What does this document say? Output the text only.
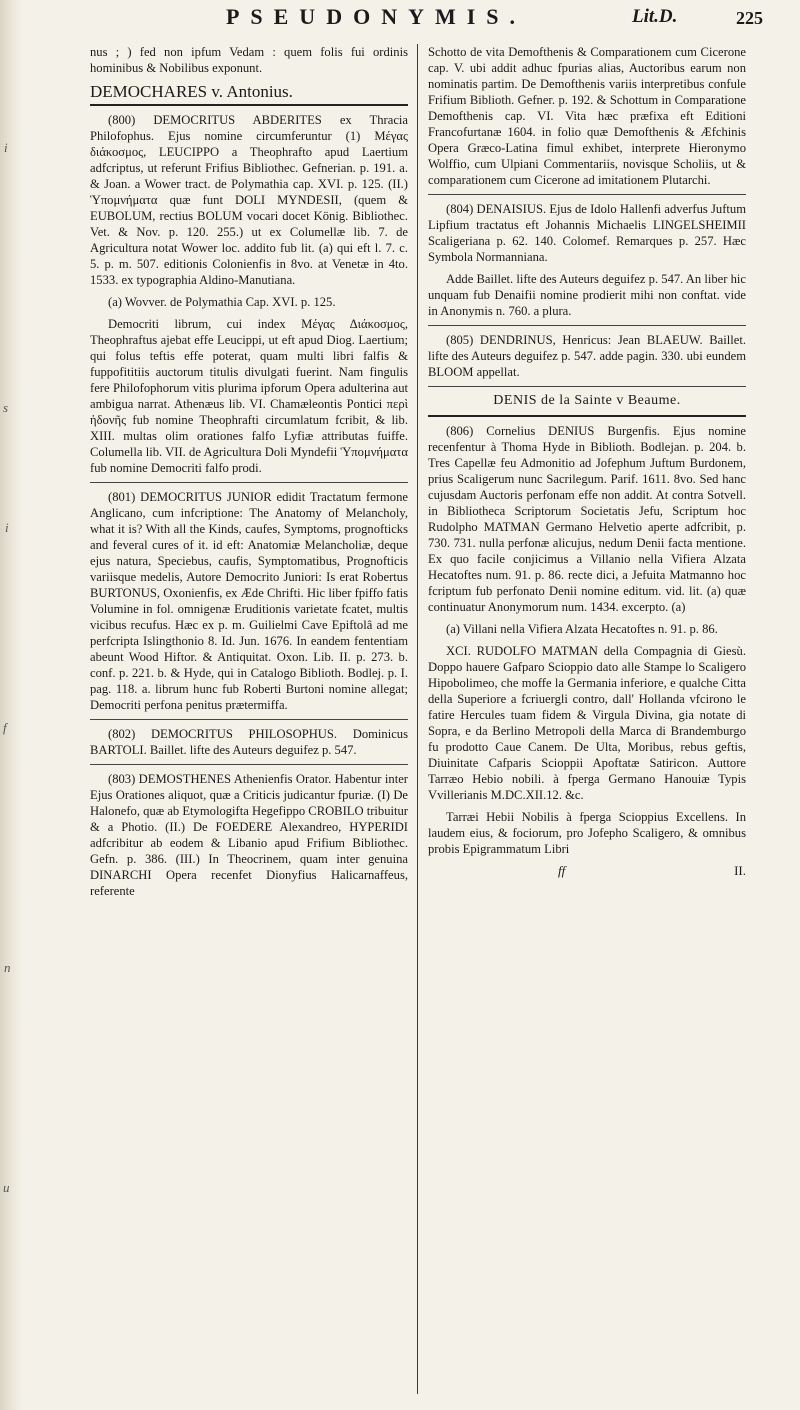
i
s
i
f
n
u
PSEUDONYMIS.	Lit.D.	225
nus ; ) fed non ipfum Vedam : quem folis fui ordinis hominibus & Nobilibus exponunt.
DEMOCHARES v. Antonius.
(800) DEMOCRITUS ABDERITES ex Thracia Philofophus. Ejus nomine circumferuntur (1) Μέγας διάκοσμος, LEUCIPPO a Theophrafto apud Laertium adfcriptus, ut referunt Frifius Bibliothec. Gefnerian. p. 191. a. & Joan. a Wower tract. de Polymathia cap. XVI. p. 125. (II.) Ὑπομνήματα quæ funt DOLI MYNDESII, (quem & EUBOLUM, rectius BOLUM vocari docet König. Bibliothec. Vet. & Nov. p. 120. 255.) ut ex Columellæ lib. 7. de Agricultura notat Wower loc. addito fub lit. (a) qui eft l. 7. c. 5. p. m. 507. editionis Colonienfis in 8vo. at Venetæ in 4to. 1533. ex typographia Aldino-Manutiana.
(a) Wovver. de Polymathia Cap. XVI. p. 125.
Democriti librum, cui index Μέγας Διάκοσμος, Theophraftus ajebat effe Leucippi, ut eft apud Diog. Laertium; qui folus teftis effe poterat, quam multi libri falfis & fuppofititiis auctorum titulis divulgati fuerint. Nam fingulis fere Philofophorum vitis plurima ipforum Opera adulterina aut ambigua narrat. Athenæus lib. VI. Chamæleontis Pontici περὶ ἡδονῆς fub nomine Theophrafti circumlatum fcribit, & lib. XIII. multas olim orationes falfo Lyfiæ attributas fuiffe. Columella lib. VII. de Agricultura Doli Myndefii Ὑπομνήματα fub nomine Democriti falfo prodi.
(801) DEMOCRITUS JUNIOR edidit Tractatum fermone Anglicano, cum infcriptione: The Anatomy of Melancholy, what it is? With all the Kinds, caufes, Symptoms, prognofticks and feveral cures of it. id eft: Anatomiæ Melancholiæ, deque ejus natura, Speciebus, caufis, Symptomatibus, Prognofticis variisque medelis, Autore Democrito Juniori: Is erat Robertus BURTONUS, Oxonienfis, ex Æde Chrifti. Hic liber fpiffo fatis Volumine in fol. omnigenæ Eruditionis varietate fcatet, multis vicibus recufus. Hæc ex p. m. Guilielmi Cave Epiftolâ ad me perfcripta Islingthonio 8. Id. Jun. 1676. In eandem fententiam abeunt Wood Hiftor. & Antiquitat. Oxon. Lib. II. p. 273. b. conf. p. 221. b. & Hyde, qui in Catalogo Biblioth. Bodlej. p. I. pag. 118. a. librum hunc fub Roberti Burtoni nomine allegat; Democriti perfona penitus prætermiffa.
(802) DEMOCRITUS PHILOSOPHUS. Dominicus BARTOLI. Baillet. lifte des Auteurs deguifez p. 547.
(803) DEMOSTHENES Athenienfis Orator. Habentur inter Ejus Orationes aliquot, quæ a Criticis judicantur fpuriæ. (I) De Halonefo, quæ ab Etymologifta Hegefippo CROBILO tribuitur & a Photio. (II.) De FOEDERE Alexandreo, HYPERIDI adfcribitur ab eodem & Libanio apud Frifium Bibliothec. Gefn. p. 386. (III.) In Theocrinem, quam inter genuina DINARCHI Opera recenfet Dionyfius Halicarnaffeus, referente
Schotto de vita Demofthenis & Comparationem cum Cicerone cap. V. ubi addit adhuc fpurias alias, Auctoribus earum non nominatis partim. De Demofthenis variis interpretibus confule Frifium Biblioth. Gefner. p. 192. & Schottum in Comparatione Demofthenis cap. VI. Vita hæc præfixa eft Editioni Francofurtanæ 1604. in folio quæ Demofthenis & Æfchinis Opera Græco-Latina fimul exhibet, interprete Hieronymo Wolffio, cum Ulpiani Commentariis, novisque Scholiis, ut & comparationem cum Cicerone ad imitationem Plutarchi.
(804) DENAISIUS. Ejus de Idolo Hallenfi adverfus Juftum Lipfium tractatus eft Johannis Michaelis LINGELSHEIMII Scaligeriana p. 62. 140. Colomef. Remarques p. 257. Hæc Symbola Normanniana.
Adde Baillet. lifte des Auteurs deguifez p. 547. An liber hic unquam fub Denaifii nomine prodierit mihi non conftat. vide in Anonymis n. 760. a plura.
(805) DENDRINUS, Henricus: Jean BLAEUW. Baillet. lifte des Auteurs deguifez p. 547. adde pagin. 330. ubi eundem BLOOM appellat.
DENIS de la Sainte v Beaume.
(806) Cornelius DENIUS Burgenfis. Ejus nomine recenfentur à Thoma Hyde in Biblioth. Bodlejan. p. 204. b. Tres Capellæ feu Admonitio ad Jofephum Juftum Burdonem, prius Scaligerum nunc Sacrilegum. Parif. 1611. 8vo. Sed hanc cujusdam Auctoris perfonam effe non addit. At contra Sotvell. in Bibliotheca Scriptorum Societatis Jefu, Scriptum hoc Rudolpho MATMAN Germano Helvetio aperte adfcribit, p. 730. 731. nulla perfonæ alicujus, nedum Denii facta mentione. Ex quo facile conjicimus a Villanio nella Vifiera Alzata Hecatoftes num. 91. p. 86. recte dici, a Jefuita Matmanno hoc fcriptum fub perfonato Denii nomine editum. vid. lit. (a) quæ continuatur Anonymorum num. 1434. excerpto. (a)
(a) Villani nella Vifiera Alzata Hecatoftes n. 91. p. 86.
XCI. RUDOLFO MATMAN della Compagnia di Giesù. Doppo hauere Gafparo Scioppio dato alle Stampe lo Scaligero Hipobolimeo, che moffe la Germania inferiore, e qualche Citta della Superiore a fcriuergli contro, dall' Hollanda vfcirono le fatire Hercules tuam fidem & Virgula Divina, gia notate di Sopra, e da Berlino Metropoli della Marca di Brandemburgo fu prodotto Caue Canem. De Ulta, Moribus, rebus geftis, Diuinitate Cafparis Scioppii Apoftatæ Satiricon. Auttore Tarræo Hebio nobili. à fperga Germano Hanouiæ Typis Vvillerianis M.DC.XII.12. &c.
Tarræi Hebii Nobilis à fperga Scioppius Excellens. In laudem eius, & fociorum, pro Jofepho Scaligero, & omnibus probis Epigrammatum Libri
ff	II.
